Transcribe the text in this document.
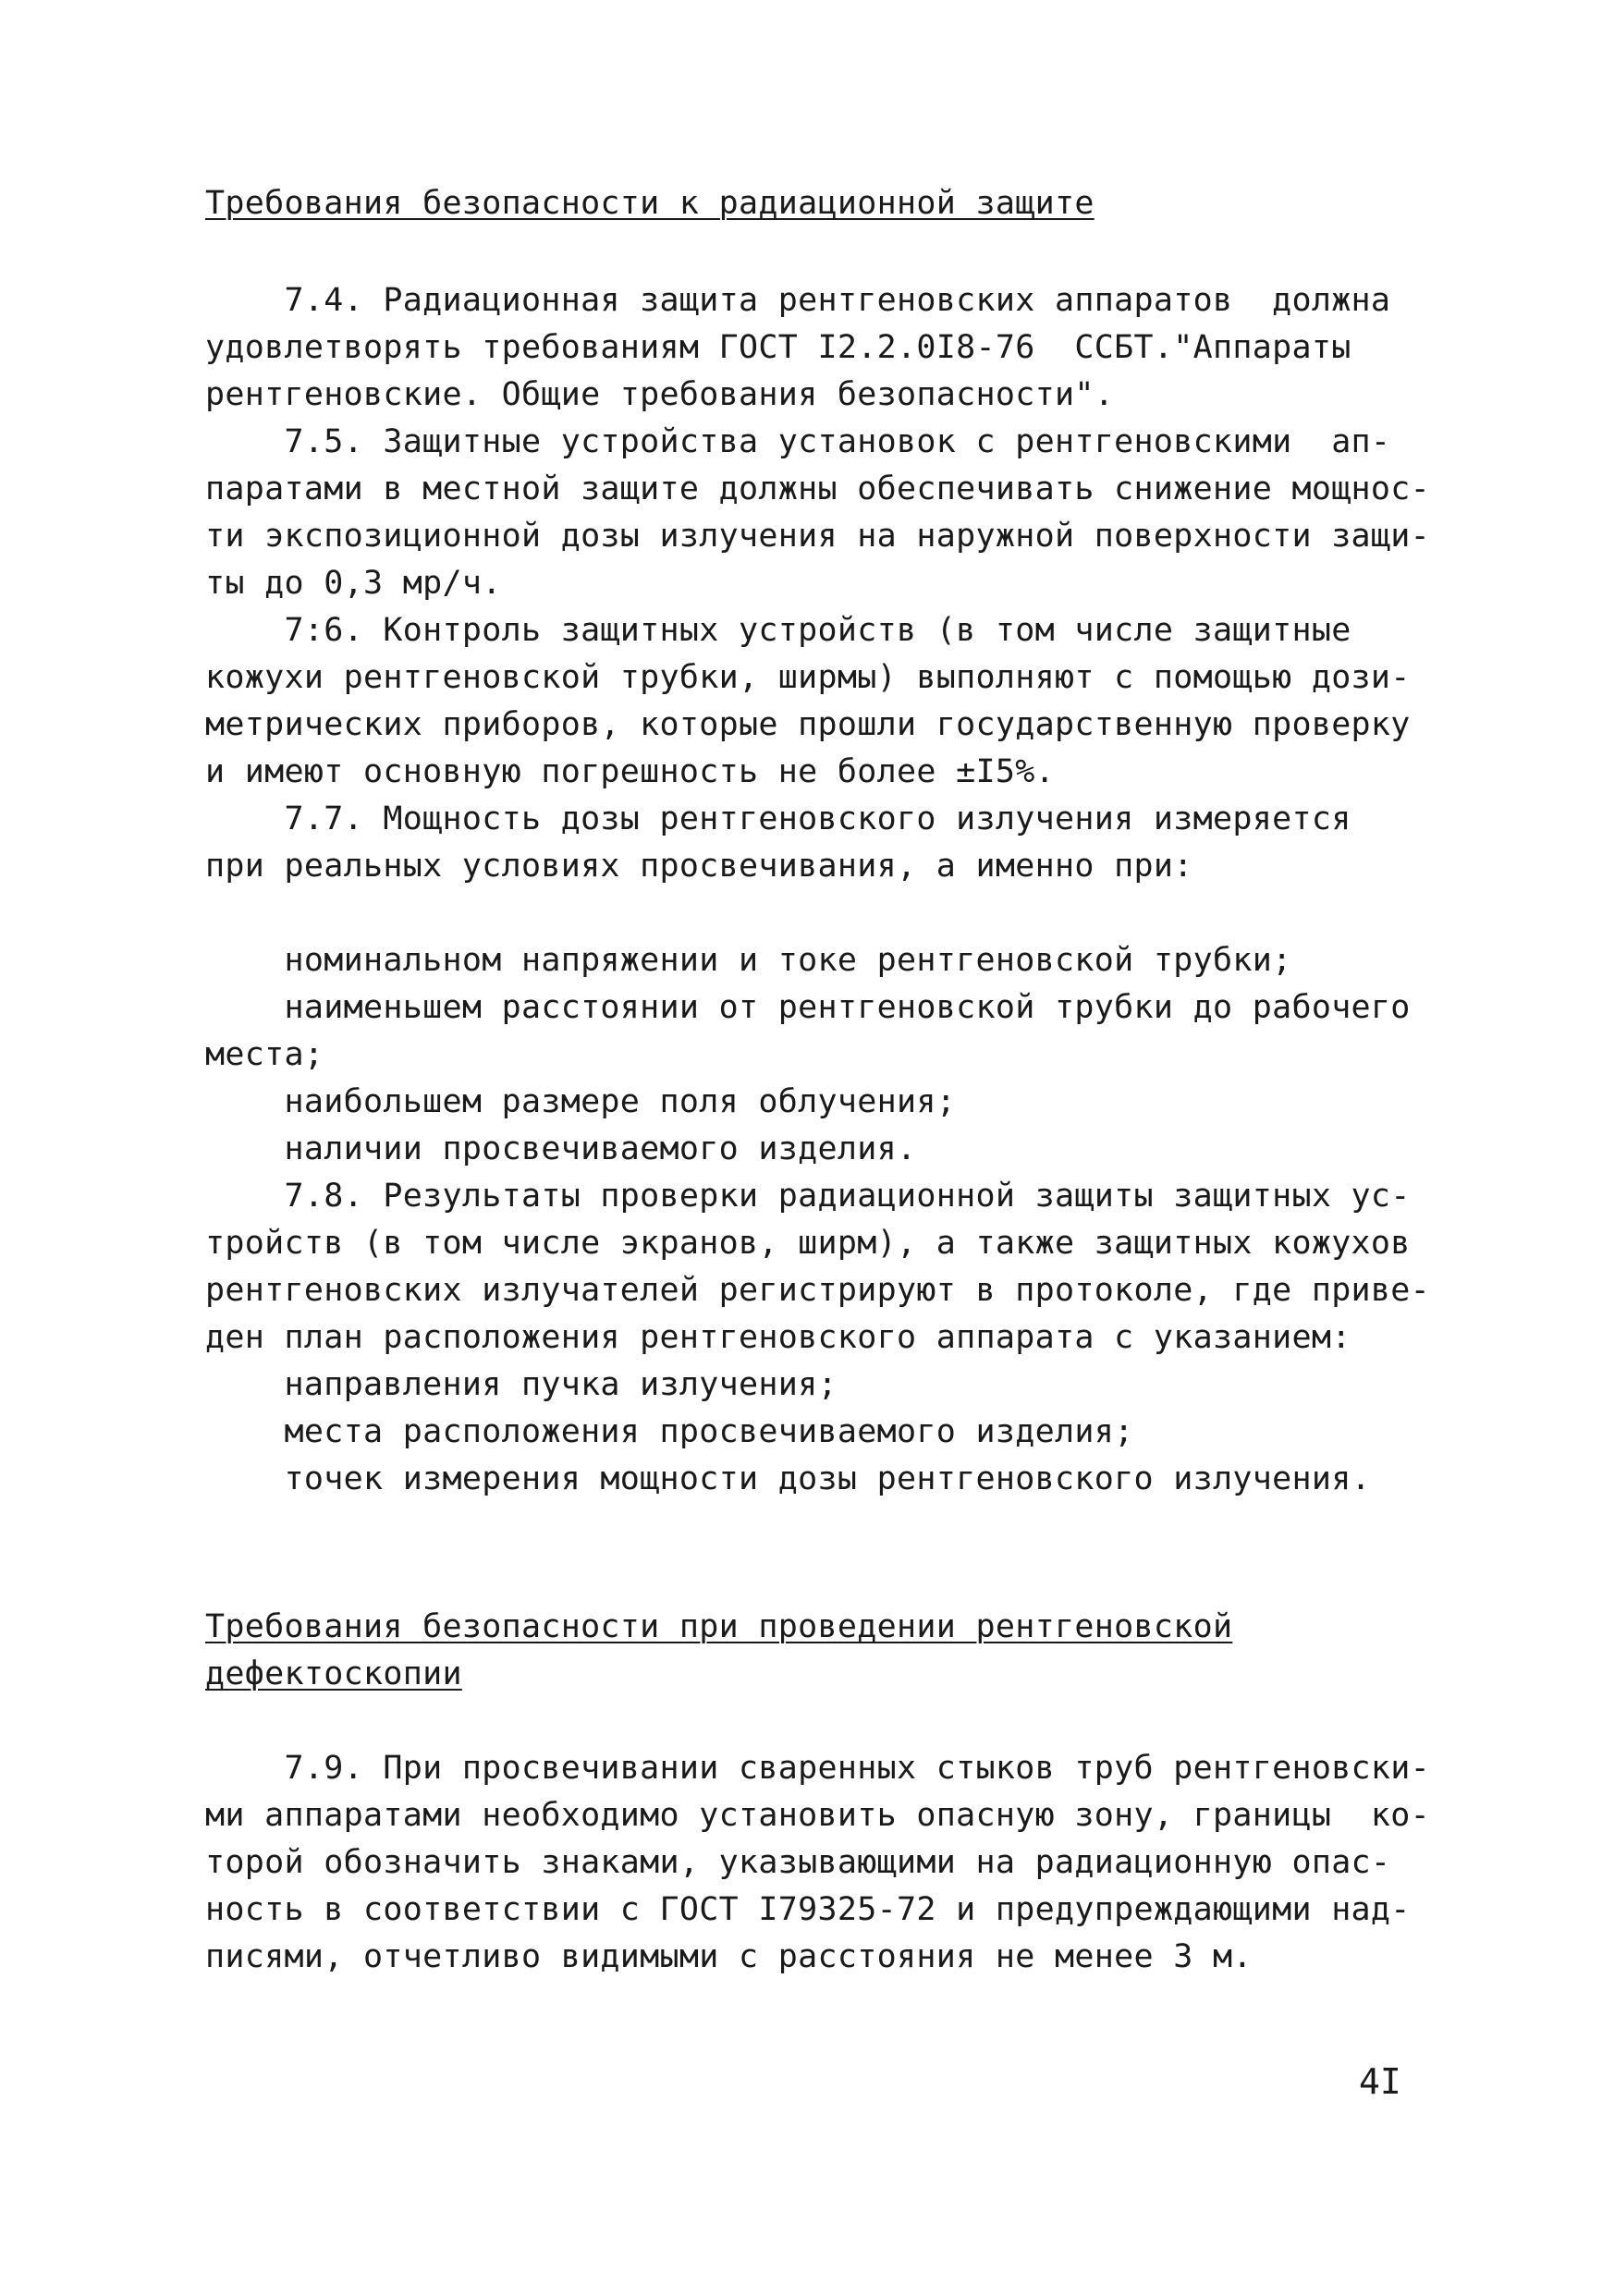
Требования безопасности к радиационной защите
7.4. Радиационная защита рентгеновских аппаратов  должна
удовлетворять требованиям ГОСТ I2.2.0I8-76  ССБТ."Аппараты
рентгеновские. Общие требования безопасности".
7.5. Защитные устройства установок с рентгеновскими  ап-
паратами в местной защите должны обеспечивать снижение мощнос-
ти экспозиционной дозы излучения на наружной поверхности защи-
ты до 0,3 мр/ч.
7:6. Контроль защитных устройств (в том числе защитные
кожухи рентгеновской трубки, ширмы) выполняют с помощью дози-
метрических приборов, которые прошли государственную проверку
и имеют основную погрешность не более ±I5%.
7.7. Мощность дозы рентгеновского излучения измеряется
при реальных условиях просвечивания, а именно при:
номинальном напряжении и токе рентгеновской трубки;
наименьшем расстоянии от рентгеновской трубки до рабочего
места;
наибольшем размере поля облучения;
наличии просвечиваемого изделия.
7.8. Результаты проверки радиационной защиты защитных ус-
тройств (в том числе экранов, ширм), а также защитных кожухов
рентгеновских излучателей регистрируют в протоколе, где приве-
ден план расположения рентгеновского аппарата с указанием:
направления пучка излучения;
места расположения просвечиваемого изделия;
точек измерения мощности дозы рентгеновского излучения.
Требования безопасности при проведении рентгеновской
дефектоскопии
7.9. При просвечивании сваренных стыков труб рентгеновски-
ми аппаратами необходимо установить опасную зону, границы  ко-
торой обозначить знаками, указывающими на радиационную опас-
ность в соответствии с ГОСТ I79325-72 и предупреждающими над-
писями, отчетливо видимыми с расстояния не менее 3 м.
4I
